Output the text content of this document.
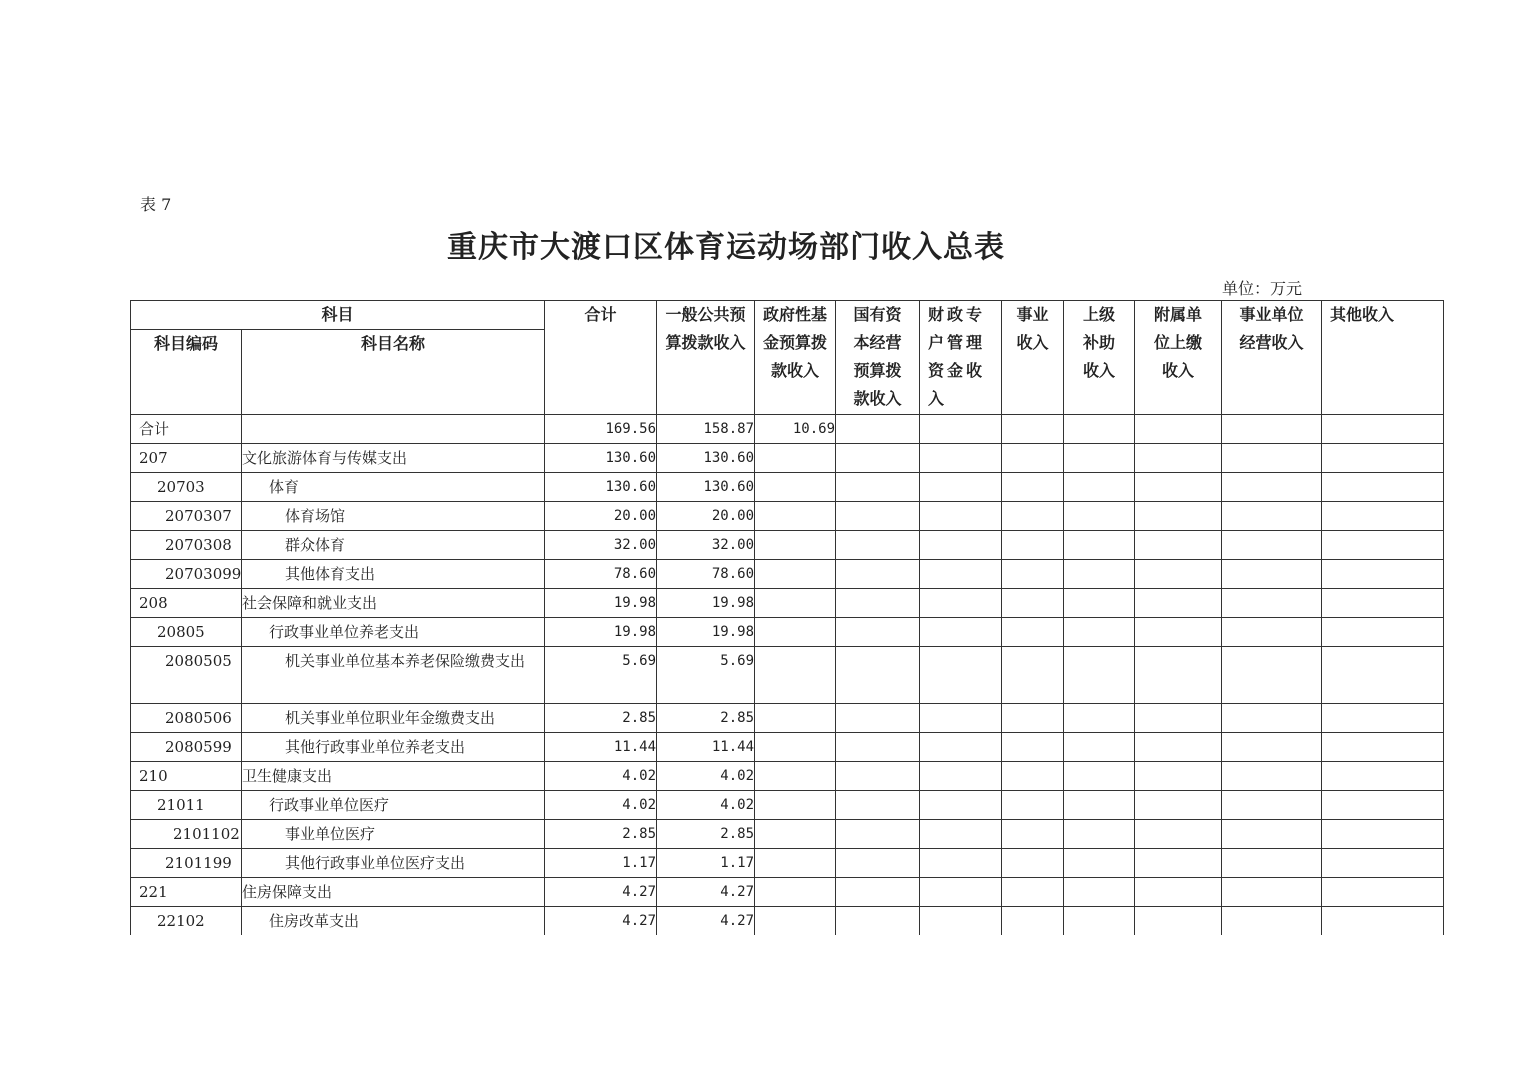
表 7
重庆市大渡口区体育运动场部门收入总表
单位：万元
科目		合计	一般公共预算拨款收入	政府性基金预算拨款收入	国有资本经营预算拨款收入	财政专户管理资金收入	事业收入	上级补助收入	附属单位上缴收入	事业单位经营收入	其他收入
科目编码	科目名称										
合计		169.56	158.87	10.69							
207	文化旅游体育与传媒支出	130.60	130.60								
20703	体育	130.60	130.60								
2070307	体育场馆	20.00	20.00								
2070308	群众体育	32.00	32.00								
20703099	其他体育支出	78.60	78.60								
208	社会保障和就业支出	19.98	19.98								
20805	行政事业单位养老支出	19.98	19.98								
2080505	机关事业单位基本养老保险缴费支出	5.69	5.69								
2080506	机关事业单位职业年金缴费支出	2.85	2.85								
2080599	其他行政事业单位养老支出	11.44	11.44								
210	卫生健康支出	4.02	4.02								
21011	行政事业单位医疗	4.02	4.02								
2101102	事业单位医疗	2.85	2.85								
2101199	其他行政事业单位医疗支出	1.17	1.17								
221	住房保障支出	4.27	4.27								
22102	住房改革支出	4.27	4.27								
